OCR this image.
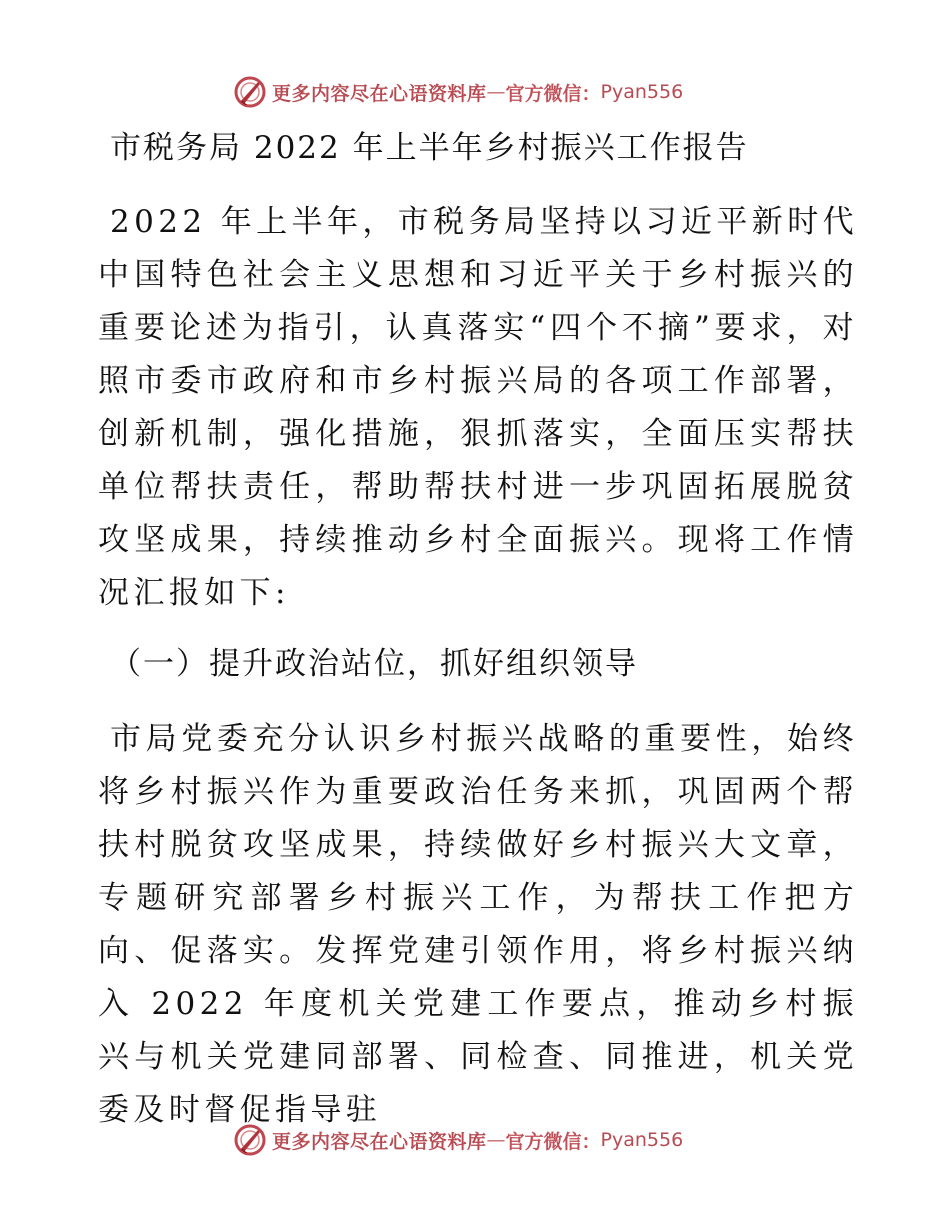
更多内容尽在心语资料库 — 官方微信： Pyan556
市税务局 2022 年上半年乡村振兴工作报告

2022 年上半年，市税务局坚持以习近平新时代中国特色社会主义思想和习近平关于乡村振兴的重要论述为指引，认真落实“四个不摘”要求，对照市委市政府和市乡村振兴局的各项工作部署，创新机制，强化措施，狠抓落实，全面压实帮扶单位帮扶责任，帮助帮扶村进一步巩固拓展脱贫攻坚成果，持续推动乡村全面振兴。现将工作情况汇报如下:

（一）提升政治站位，抓好组织领导

市局党委充分认识乡村振兴战略的重要性，始终将乡村振兴作为重要政治任务来抓，巩固两个帮扶村脱贫攻坚成果，持续做好乡村振兴大文章，专题研究部署乡村振兴工作，为帮扶工作把方向、促落实。发挥党建引领作用，将乡村振兴纳入 2022 年度机关党建工作要点，推动乡村振兴与机关党建同部署、同检查、同推进，机关党委及时督促指导驻

更多内容尽在心语资料库 — 官方微信： Pyan556
